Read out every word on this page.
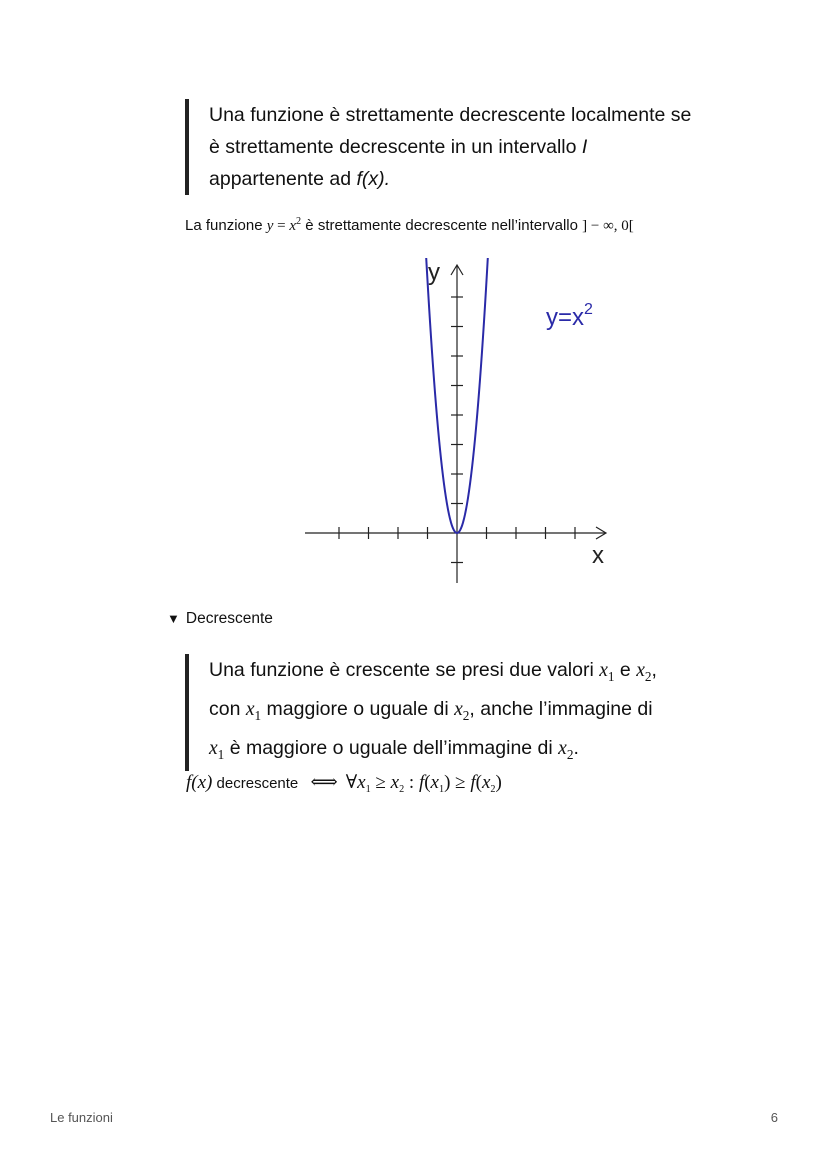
Una funzione è strettamente decrescente localmente se
è strettamente decrescente in un intervallo I
appartenente ad f(x).
La funzione $y = x^2$ è strettamente decrescente nell’intervallo ] − ∞, 0[
y
x
$y=x^2$
▼ Decrescente
Una funzione è crescente se presi due valori $x_1$ e $x_2$,
con $x_1$ maggiore o uguale di $x_2$, anche l’immagine di
$x_1$ è maggiore o uguale dell’immagine di $x_2$.
f(x) decrescente ⟺ $\forall x_1 \ge x_2$ : $f(x_1) \ge f(x_2)$
Le funzioni	6
